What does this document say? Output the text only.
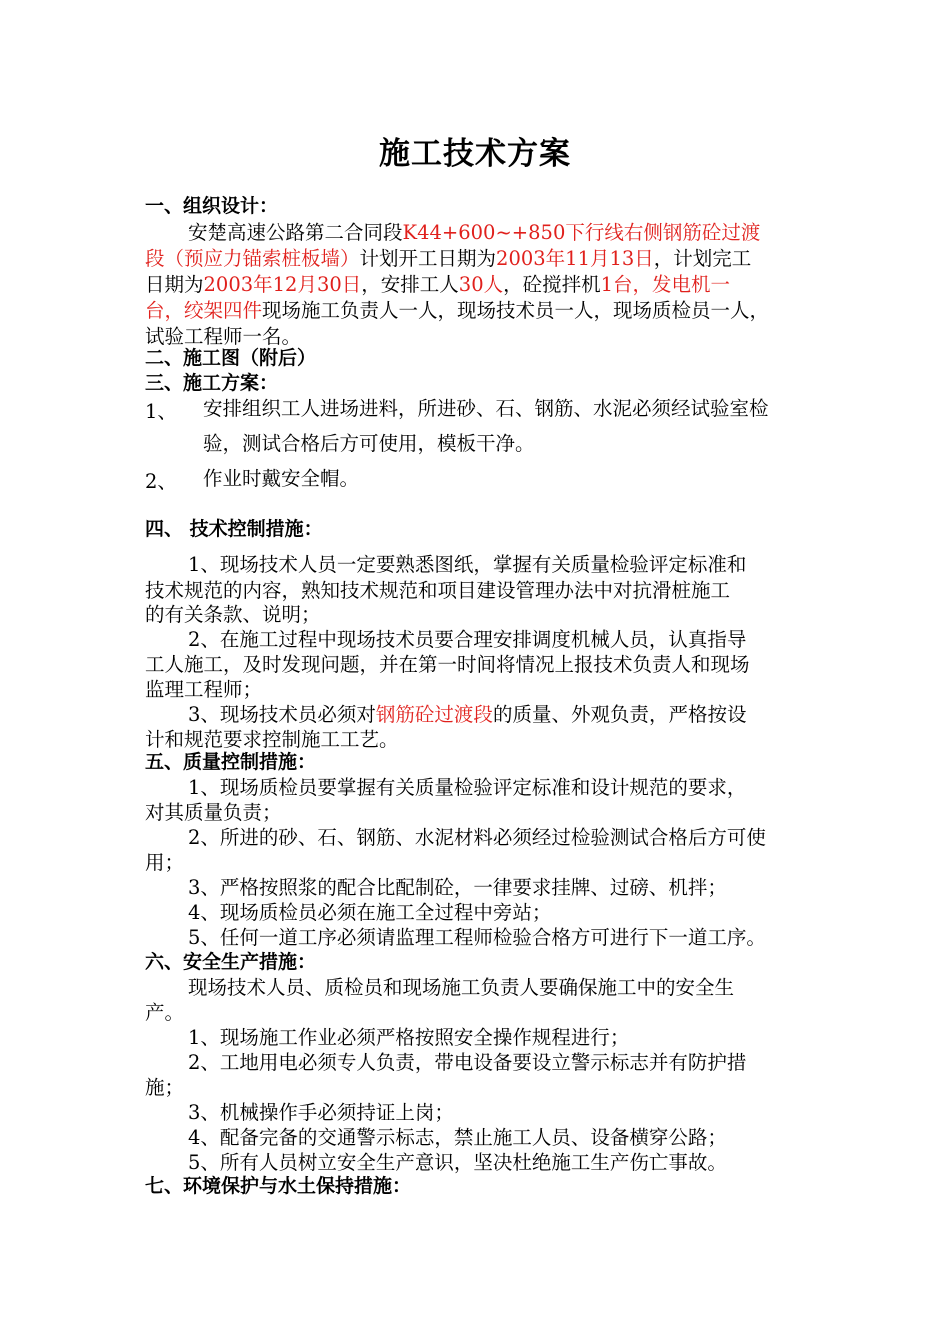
施工技术方案
一、组织设计：
安楚高速公路第二合同段K44+600~+850下行线右侧钢筋砼过渡
段（预应力锚索桩板墙）计划开工日期为2003年11月13日，计划完工
日期为2003年12月30日，安排工人30人，砼搅拌机1台，发电机一
台，绞架四件现场施工负责人一人，现场技术员一人，现场质检员一人，
试验工程师一名。
二、施工图（附后）
三、施工方案：
1、 安排组织工人进场进料，所进砂、石、钢筋、水泥必须经试验室检
验，测试合格后方可使用，模板干净。
2、 作业时戴安全帽。
四、 技术控制措施：
1、现场技术人员一定要熟悉图纸，掌握有关质量检验评定标准和
技术规范的内容，熟知技术规范和项目建设管理办法中对抗滑桩施工
的有关条款、说明；
2、在施工过程中现场技术员要合理安排调度机械人员，认真指导
工人施工，及时发现问题，并在第一时间将情况上报技术负责人和现场
监理工程师；
3、现场技术员必须对钢筋砼过渡段的质量、外观负责，严格按设
计和规范要求控制施工工艺。
五、质量控制措施：
1、现场质检员要掌握有关质量检验评定标准和设计规范的要求，
对其质量负责；
2、所进的砂、石、钢筋、水泥材料必须经过检验测试合格后方可使
用；
3、严格按照浆的配合比配制砼，一律要求挂牌、过磅、机拌；
4、现场质检员必须在施工全过程中旁站；
5、任何一道工序必须请监理工程师检验合格方可进行下一道工序。
六、安全生产措施：
现场技术人员、质检员和现场施工负责人要确保施工中的安全生
产。
1、现场施工作业必须严格按照安全操作规程进行；
2、工地用电必须专人负责，带电设备要设立警示标志并有防护措
施；
3、机械操作手必须持证上岗；
4、配备完备的交通警示标志，禁止施工人员、设备横穿公路；
5、所有人员树立安全生产意识，坚决杜绝施工生产伤亡事故。
七、环境保护与水土保持措施：
